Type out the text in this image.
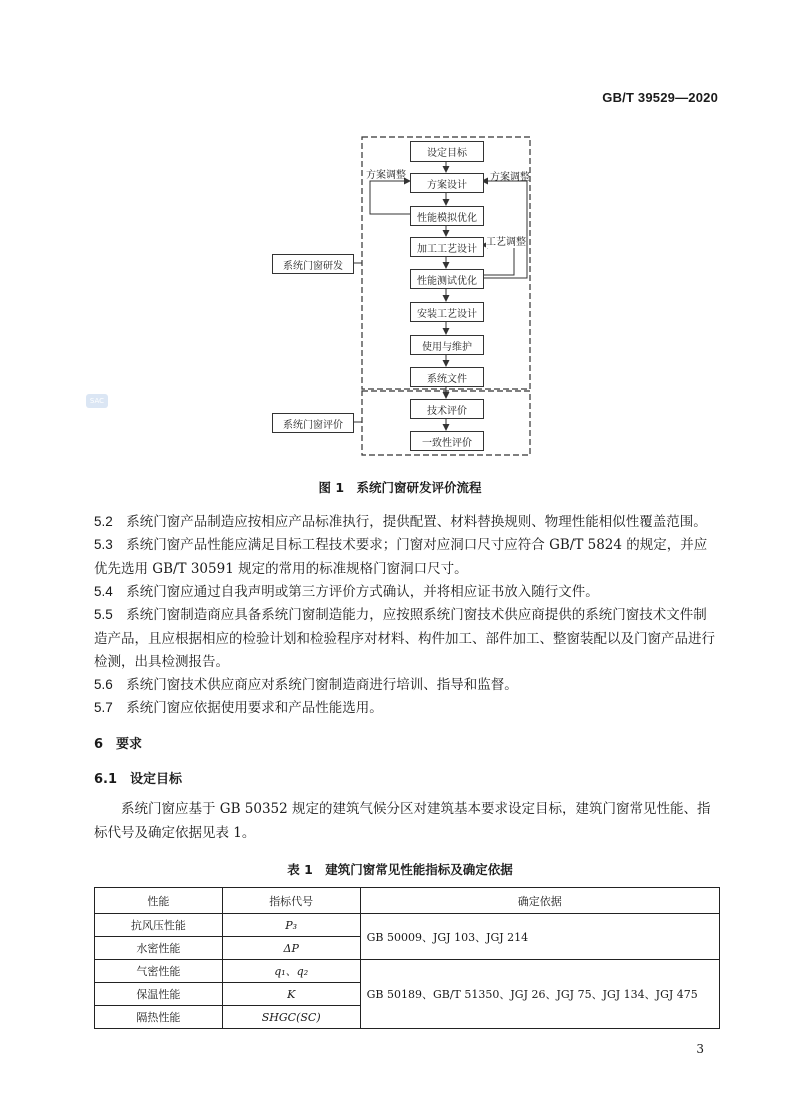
GB/T 39529—2020
设定目标
方案设计
性能模拟优化
加工工艺设计
性能测试优化
安装工艺设计
使用与维护
系统文件
技术评价
一致性评价
系统门窗研发
系统门窗评价
方案调整	方案调整
工艺调整
图 1　系统门窗研发评价流程
5.2　 系统门窗产品制造应按相应产品标准执行，提供配置、材料替换规则、物理性能相似性覆盖范围。
5.3　 系统门窗产品性能应满足目标工程技术要求；门窗对应洞口尺寸应符合 GB/T 5824 的规定，并应优先选用 GB/T 30591 规定的常用的标准规格门窗洞口尺寸。
5.4　 系统门窗应通过自我声明或第三方评价方式确认，并将相应证书放入随行文件。
5.5　 系统门窗制造商应具备系统门窗制造能力，应按照系统门窗技术供应商提供的系统门窗技术文件制造产品，且应根据相应的检验计划和检验程序对材料、构件加工、部件加工、整窗装配以及门窗产品进行检测，出具检测报告。
5.6　 系统门窗技术供应商应对系统门窗制造商进行培训、指导和监督。
5.7　 系统门窗应依据使用要求和产品性能选用。
6　要求
6.1　设定目标
系统门窗应基于 GB 50352 规定的建筑气候分区对建筑基本要求设定目标，建筑门窗常见性能、指标代号及确定依据见表 1。
表 1　建筑门窗常见性能指标及确定依据
性能	指标代号	确定依据
抗风压性能	P₃	GB 50009、JGJ 103、JGJ 214
水密性能	ΔP	
气密性能	q₁、q₂	GB 50189、GB/T 51350、JGJ 26、JGJ 75、JGJ 134、JGJ 475
保温性能	K	
隔热性能	SHGC(SC)	
SAC
3
